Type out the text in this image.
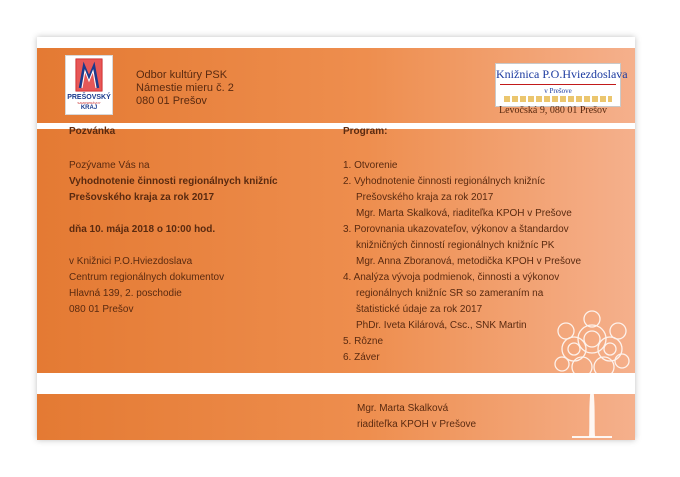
PREŠOVSKÝ
SAMOSPRÁVNY
KRAJ
Odbor kultúry PSK
Námestie mieru č. 2
080 01 Prešov
Knižnica P.O.Hviezdoslava
v Prešove
Levočská 9, 080 01 Prešov
Pozvánka	Program:
Pozývame Vás na
Vyhodnotenie činnosti regionálnych knižníc
Prešovského kraja za rok 2017
dňa 10. mája 2018 o 10:00 hod.
v Knižnici P.O.Hviezdoslava
Centrum regionálnych dokumentov
Hlavná 139, 2. poschodie
080 01 Prešov
1. Otvorenie
2. Vyhodnotenie činnosti regionálnych knižníc
Prešovského kraja za rok 2017
Mgr. Marta Skalková, riaditeľka KPOH v Prešove
3. Porovnania ukazovateľov, výkonov a štandardov
knižničných činností regionálnych knižníc PK
Mgr. Anna Zboranová, metodička KPOH v Prešove
4. Analýza vývoja podmienok, činnosti a výkonov
regionálnych knižníc SR so zameraním na
štatistické údaje za rok 2017
PhDr. Iveta Kilárová, Csc., SNK Martin
5. Rôzne
6. Záver
Mgr. Marta Skalková
riaditeľka KPOH v Prešove
